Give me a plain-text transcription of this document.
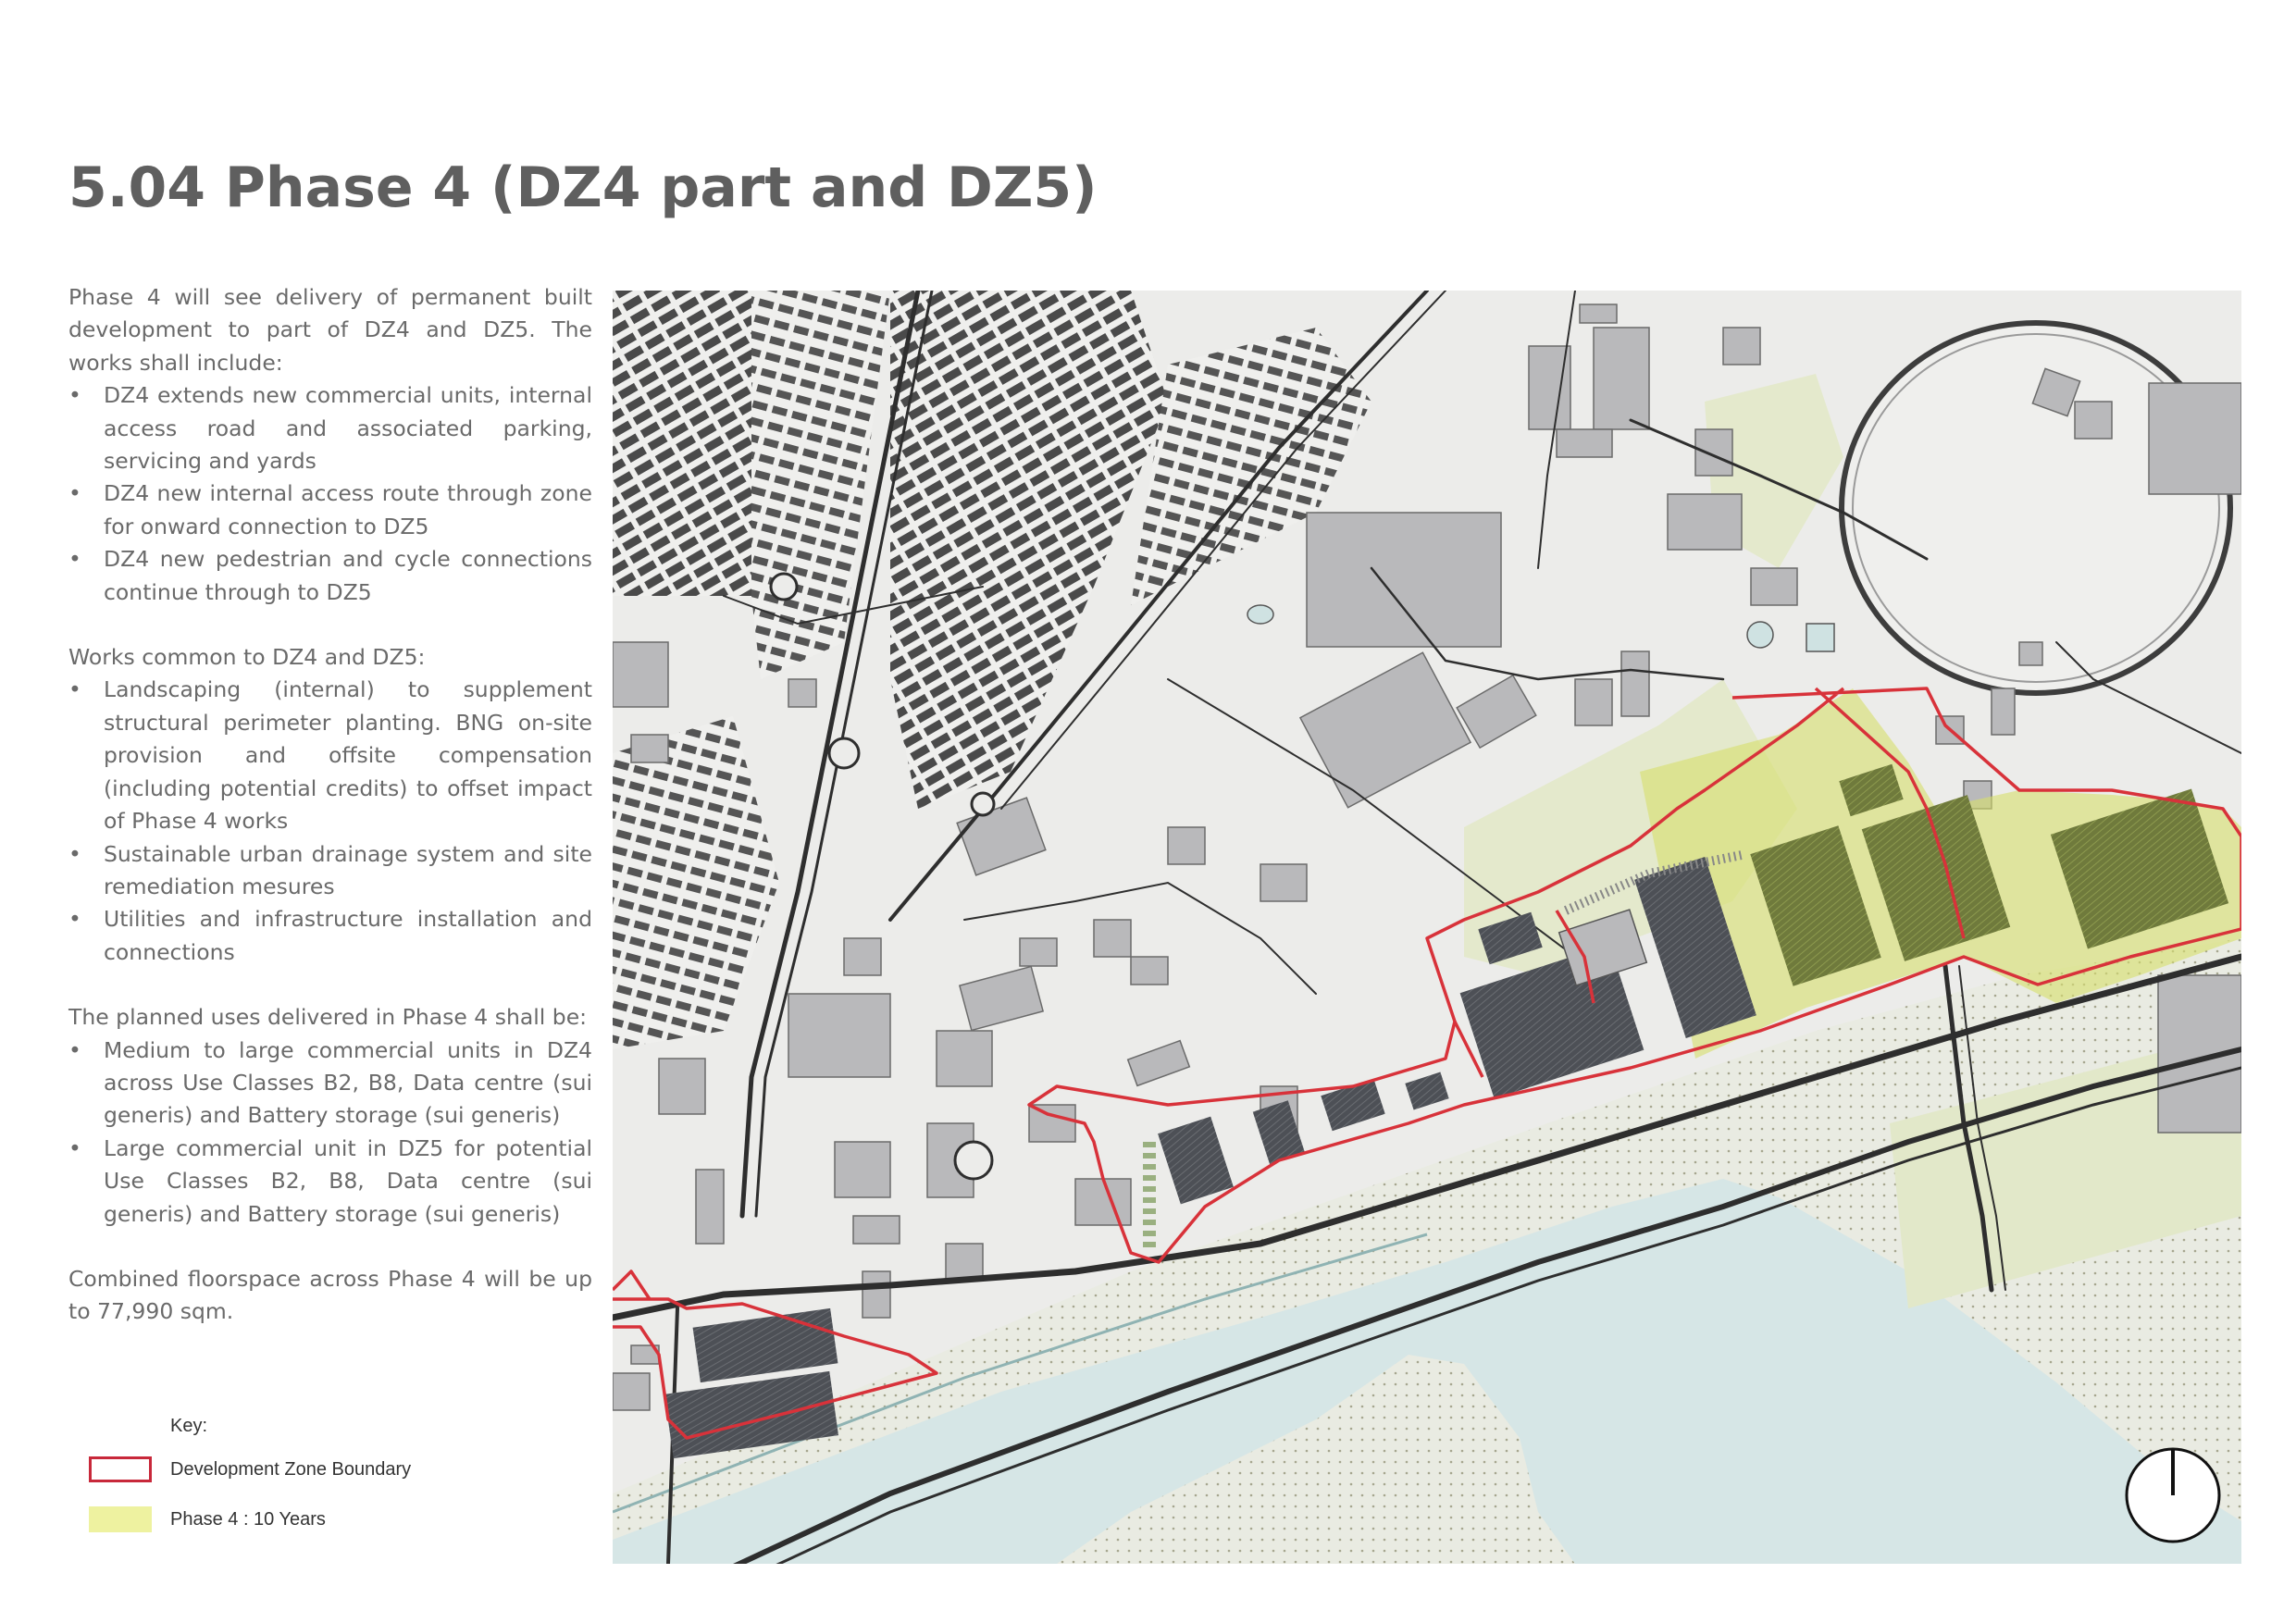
5.04 Phase 4 (DZ4 part and DZ5)

Phase 4 will see delivery of permanent built development to part of DZ4 and DZ5. The works shall include:

• DZ4 extends new commercial units, internal access road and associated parking, servicing and yards
• DZ4 new internal access route through zone for onward connection to DZ5
• DZ4 new pedestrian and cycle connections continue through to DZ5

Works common to DZ4 and DZ5:

• Landscaping (internal) to supplement structural perimeter planting. BNG on-site provision and offsite compensation (including potential credits) to offset impact of Phase 4 works
• Sustainable urban drainage system and site remediation mesures
• Utilities and infrastructure installation and connections

The planned uses delivered in Phase 4 shall be:

• Medium to large commercial units in DZ4 across Use Classes B2, B8, Data centre (sui generis) and Battery storage (sui generis)
• Large commercial unit in DZ5 for potential Use Classes B2, B8, Data centre (sui generis) and Battery storage (sui generis)

Combined floorspace across Phase 4 will be up to 77,990 sqm.

Key:
Development Zone Boundary
Phase 4 : 10 Years
